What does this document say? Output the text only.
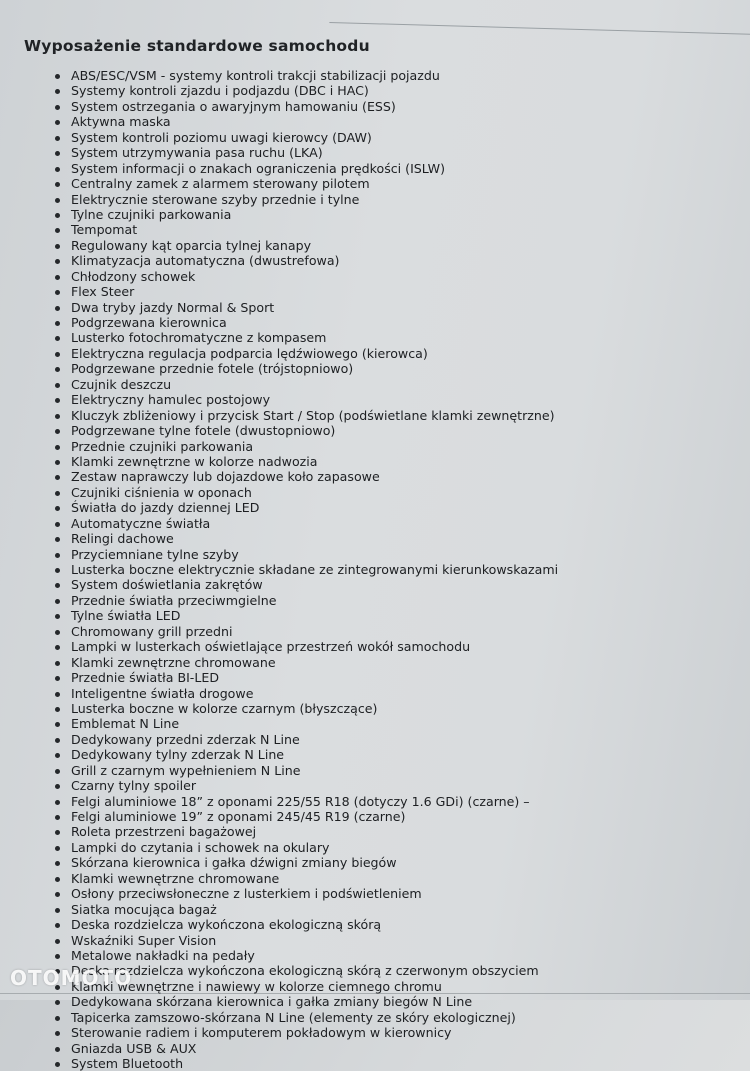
Wyposażenie standardowe samochodu
ABS/ESC/VSM - systemy kontroli trakcji stabilizacji pojazdu
Systemy kontroli zjazdu i podjazdu (DBC i HAC)
System ostrzegania o awaryjnym hamowaniu (ESS)
Aktywna maska
System kontroli poziomu uwagi kierowcy (DAW)
System utrzymywania pasa ruchu (LKA)
System informacji o znakach ograniczenia prędkości (ISLW)
Centralny zamek z alarmem sterowany pilotem
Elektrycznie sterowane szyby przednie i tylne
Tylne czujniki parkowania
Tempomat
Regulowany kąt oparcia tylnej kanapy
Klimatyzacja automatyczna (dwustrefowa)
Chłodzony schowek
Flex Steer
Dwa tryby jazdy Normal & Sport
Podgrzewana kierownica
Lusterko fotochromatyczne z kompasem
Elektryczna regulacja podparcia lędźwiowego (kierowca)
Podgrzewane przednie fotele (trójstopniowo)
Czujnik deszczu
Elektryczny hamulec postojowy
Kluczyk zbliżeniowy i przycisk Start / Stop (podświetlane klamki zewnętrzne)
Podgrzewane tylne fotele (dwustopniowo)
Przednie czujniki parkowania
Klamki zewnętrzne w kolorze nadwozia
Zestaw naprawczy lub dojazdowe koło zapasowe
Czujniki ciśnienia w oponach
Światła do jazdy dziennej LED
Automatyczne światła
Relingi dachowe
Przyciemniane tylne szyby
Lusterka boczne elektrycznie składane ze zintegrowanymi kierunkowskazami
System doświetlania zakrętów
Przednie światła przeciwmgielne
Tylne światła LED
Chromowany grill przedni
Lampki w lusterkach oświetlające przestrzeń wokół samochodu
Klamki zewnętrzne chromowane
Przednie światła BI-LED
Inteligentne światła drogowe
Lusterka boczne w kolorze czarnym (błyszczące)
Emblemat N Line
Dedykowany przedni zderzak N Line
Dedykowany tylny zderzak N Line
Grill z czarnym wypełnieniem N Line
Czarny tylny spoiler
Felgi aluminiowe 18” z oponami 225/55 R18 (dotyczy 1.6 GDi) (czarne) –
Felgi aluminiowe 19” z oponami 245/45 R19 (czarne)
Roleta przestrzeni bagażowej
Lampki do czytania i schowek na okulary
Skórzana kierownica i gałka dźwigni zmiany biegów
Klamki wewnętrzne chromowane
Osłony przeciwsłoneczne z lusterkiem i podświetleniem
Siatka mocująca bagaż
Deska rozdzielcza wykończona ekologiczną skórą
Wskaźniki Super Vision
Metalowe nakładki na pedały
Deska rozdzielcza wykończona ekologiczną skórą z czerwonym obszyciem
Klamki wewnętrzne i nawiewy w kolorze ciemnego chromu
Dedykowana skórzana kierownica i gałka zmiany biegów N Line
Tapicerka zamszowo-skórzana N Line (elementy ze skóry ekologicznej)
Sterowanie radiem i komputerem pokładowym w kierownicy
Gniazda USB & AUX
System Bluetooth
OTOMOTO
